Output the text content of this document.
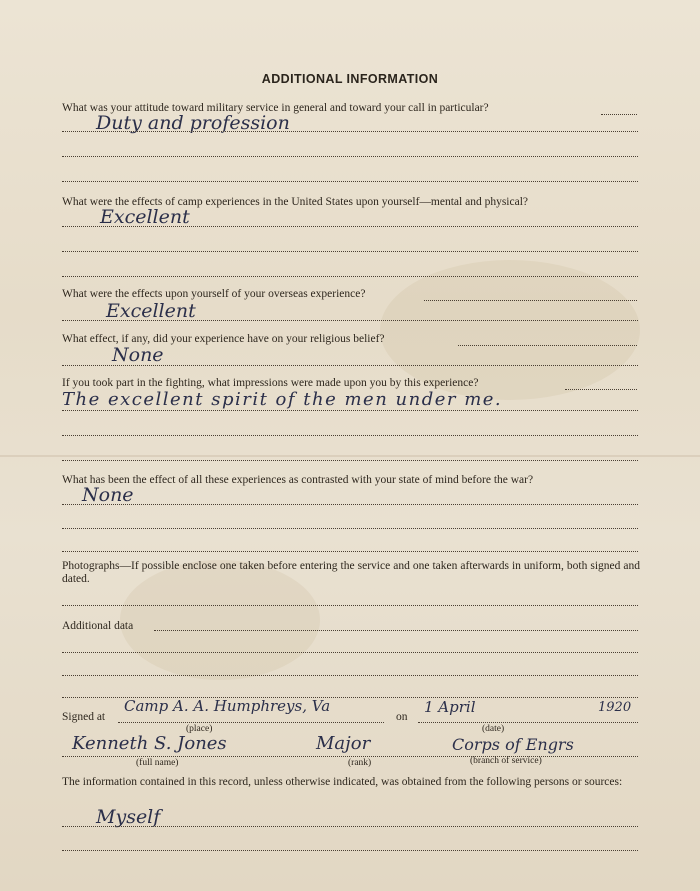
ADDITIONAL INFORMATION
What was your attitude toward military service in general and toward your call in particular?
Duty and profession
What were the effects of camp experiences in the United States upon yourself—mental and physical?
Excellent
What were the effects upon yourself of your overseas experience?
Excellent
What effect, if any, did your experience have on your religious belief?
None
If you took part in the fighting, what impressions were made upon you by this experience?
The excellent spirit of the men under me.
What has been the effect of all these experiences as contrasted with your state of mind before the war?
None
Photographs—If possible enclose one taken before entering the service and one taken afterwards in uniform, both signed and dated.
Additional data
Signed at
Camp A. A. Humphreys, Va
(place)
on
1 April	1920
(date)
Kenneth S. Jones	Major	Corps of Engrs
(full name)	(rank)	(branch of service)
The information contained in this record, unless otherwise indicated, was obtained from the following persons or sources:
Myself
